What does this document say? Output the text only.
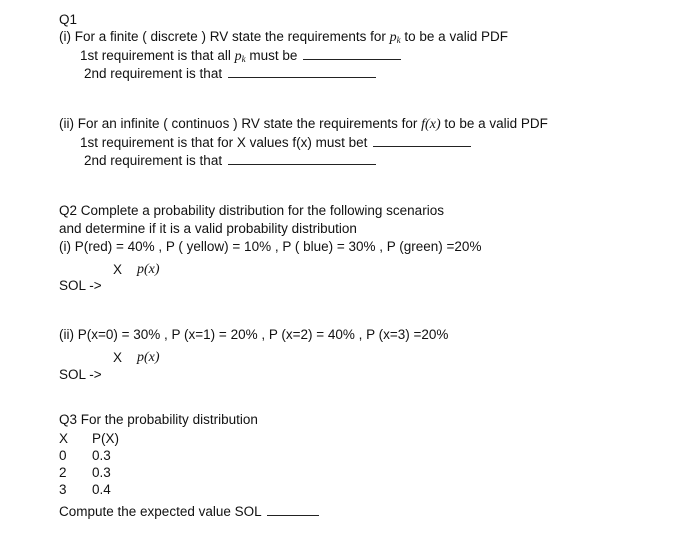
Q1
(i) For a finite ( discrete ) RV state the requirements for $p_k$ to be a valid PDF
1st requirement is that all $p_k$ must be
2nd requirement is that
(ii) For an infinite ( continuos ) RV state the requirements for f(x) to be a valid PDF
1st requirement is that for X values f(x) must bet
2nd requirement is that
Q2 Complete a probability distribution for the following scenarios
and determine if it is a valid probability distribution
(i) P(red) = 40% , P ( yellow) = 10% , P ( blue) = 30% , P (green) =20%
X p(x)
SOL ->
(ii) P(x=0) = 30% , P (x=1) = 20% , P (x=2) = 40% , P (x=3) =20%
X p(x)
SOL ->
Q3 For the probability distribution
X	P(X)
0	0.3
2	0.3
3	0.4
Compute the expected value SOL
